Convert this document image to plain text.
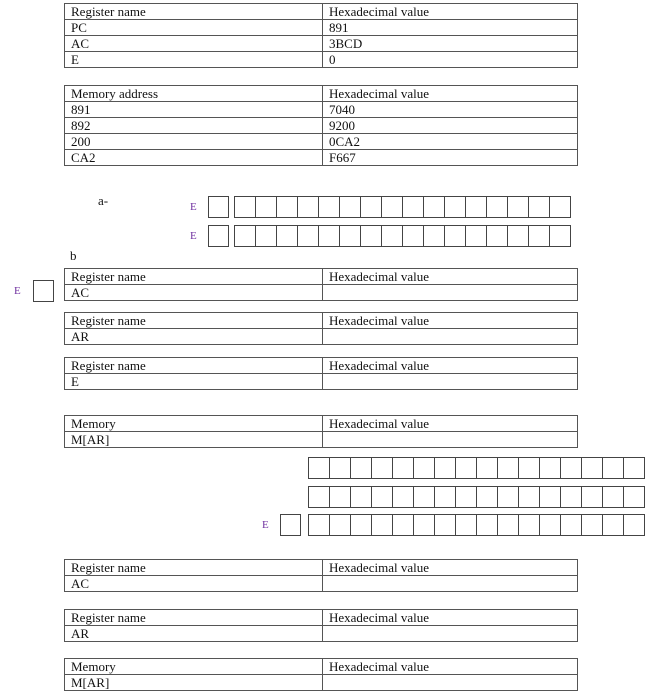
Register name	Hexadecimal value
PC	891
AC	3BCD
E	0
Memory address	Hexadecimal value
891	7040
892	9200
200	0CA2
CA2	F667
a-	E
E
b
E
E
Register name	Hexadecimal value
AC	
Register name	Hexadecimal value
AR	
Register name	Hexadecimal value
E	
Memory	Hexadecimal value
M[AR]	
Register name	Hexadecimal value
AC	
Register name	Hexadecimal value
AR	
Memory	Hexadecimal value
M[AR]	
